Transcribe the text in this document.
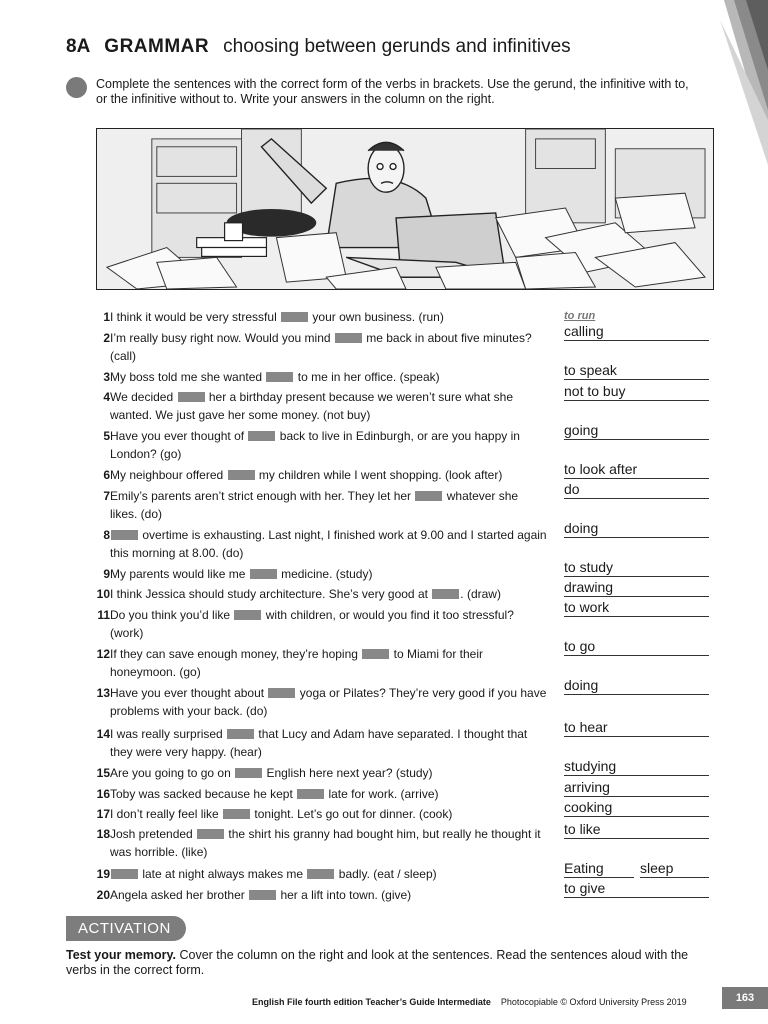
8A GRAMMAR choosing between gerunds and infinitives
Complete the sentences with the correct form of the verbs in brackets. Use the gerund, the infinitive with to, or the infinitive without to. Write your answers in the column on the right.
1 I think it would be very stressful	your own business. (run)
2 I’m really busy right now. Would you mind	me back in about five minutes? (call)
3 My boss told me she wanted	to me in her office. (speak)
4 We decided	her a birthday present because we weren’t sure what she wanted. We just gave her some money. (not buy)
5 Have you ever thought of	back to live in Edinburgh, or are you happy in London? (go)
6 My neighbour offered	my children while I went shopping. (look after)
7 Emily’s parents aren’t strict enough with her. They let her	whatever she likes. (do)
8	overtime is exhausting. Last night, I finished work at 9.00 and I started again this morning at 8.00. (do)
9 My parents would like me	medicine. (study)
10 I think Jessica should study architecture. She’s very good at	. (draw)
11 Do you think you’d like	with children, or would you find it too stressful? (work)
12 If they can save enough money, they’re hoping	to Miami for their honeymoon. (go)
13 Have you ever thought about	yoga or Pilates? They’re very good if you have problems with your back. (do)
14 I was really surprised	that Lucy and Adam have separated. I thought that they were very happy. (hear)
15 Are you going to go on	English here next year? (study)
16 Toby was sacked because he kept	late for work. (arrive)
17 I don’t really feel like	tonight. Let’s go out for dinner. (cook)
18 Josh pretended	the shirt his granny had bought him, but really he thought it was horrible. (like)
19	late at night always makes me	badly. (eat / sleep)
20 Angela asked her brother	her a lift into town. (give)
to run
calling
to speak
not to buy
going
to look after
do
doing
to study
drawing
to work
to go
doing
to hear
studying
arriving
cooking
to like
Eating	sleep
to give
ACTIVATION
Test your memory. Cover the column on the right and look at the sentences. Read the sentences aloud with the verbs in the correct form.
English File fourth edition Teacher’s Guide Intermediate Photocopiable © Oxford University Press 2019	163
